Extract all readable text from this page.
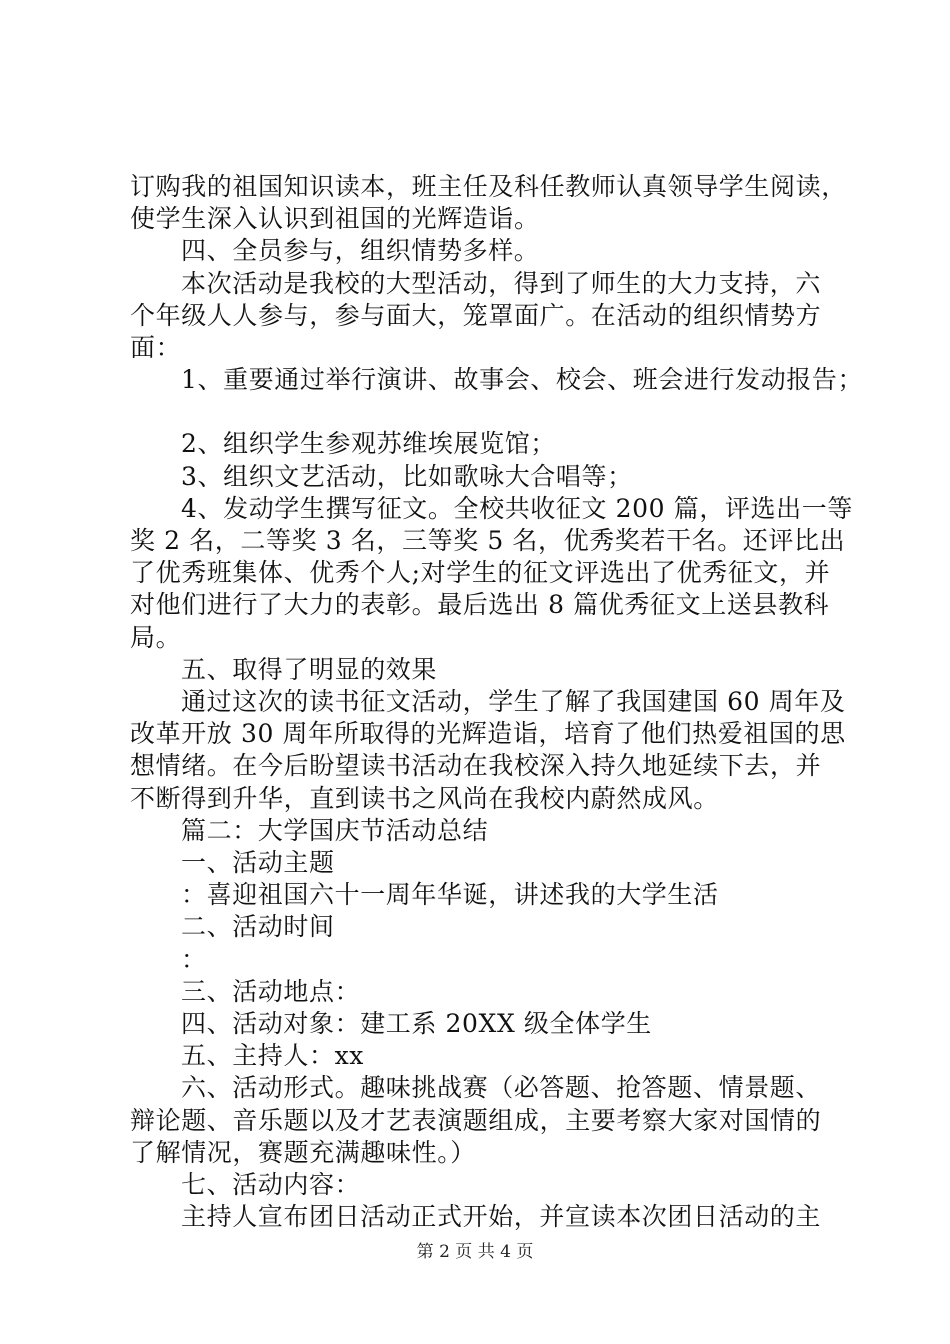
订购我的祖国知识读本，班主任及科任教师认真领导学生阅读，

使学生深入认识到祖国的光辉造诣。

四、全员参与，组织情势多样。

本次活动是我校的大型活动，得到了师生的大力支持，六

个年级人人参与，参与面大，笼罩面广。在活动的组织情势方

面：

1、重要通过举行演讲、故事会、校会、班会进行发动报告；

2、组织学生参观苏维埃展览馆；

3、组织文艺活动，比如歌咏大合唱等；

4、发动学生撰写征文。全校共收征文 200 篇，评选出一等

奖 2 名，二等奖 3 名，三等奖 5 名，优秀奖若干名。还评比出

了优秀班集体、优秀个人;对学生的征文评选出了优秀征文，并

对他们进行了大力的表彰。最后选出 8 篇优秀征文上送县教科

局。

五、取得了明显的效果

通过这次的读书征文活动，学生了解了我国建国 60 周年及

改革开放 30 周年所取得的光辉造诣，培育了他们热爱祖国的思

想情绪。在今后盼望读书活动在我校深入持久地延续下去，并

不断得到升华，直到读书之风尚在我校内蔚然成风。

篇二：大学国庆节活动总结

一、活动主题

：喜迎祖国六十一周年华诞，讲述我的大学生活

二、活动时间

：

三、活动地点：

四、活动对象：建工系 20XX 级全体学生

五、主持人：xx

六、活动形式。趣味挑战赛（必答题、抢答题、情景题、

辩论题、音乐题以及才艺表演题组成，主要考察大家对国情的

了解情况，赛题充满趣味性。）

七、活动内容：

主持人宣布团日活动正式开始，并宣读本次团日活动的主

第 2 页 共 4 页
